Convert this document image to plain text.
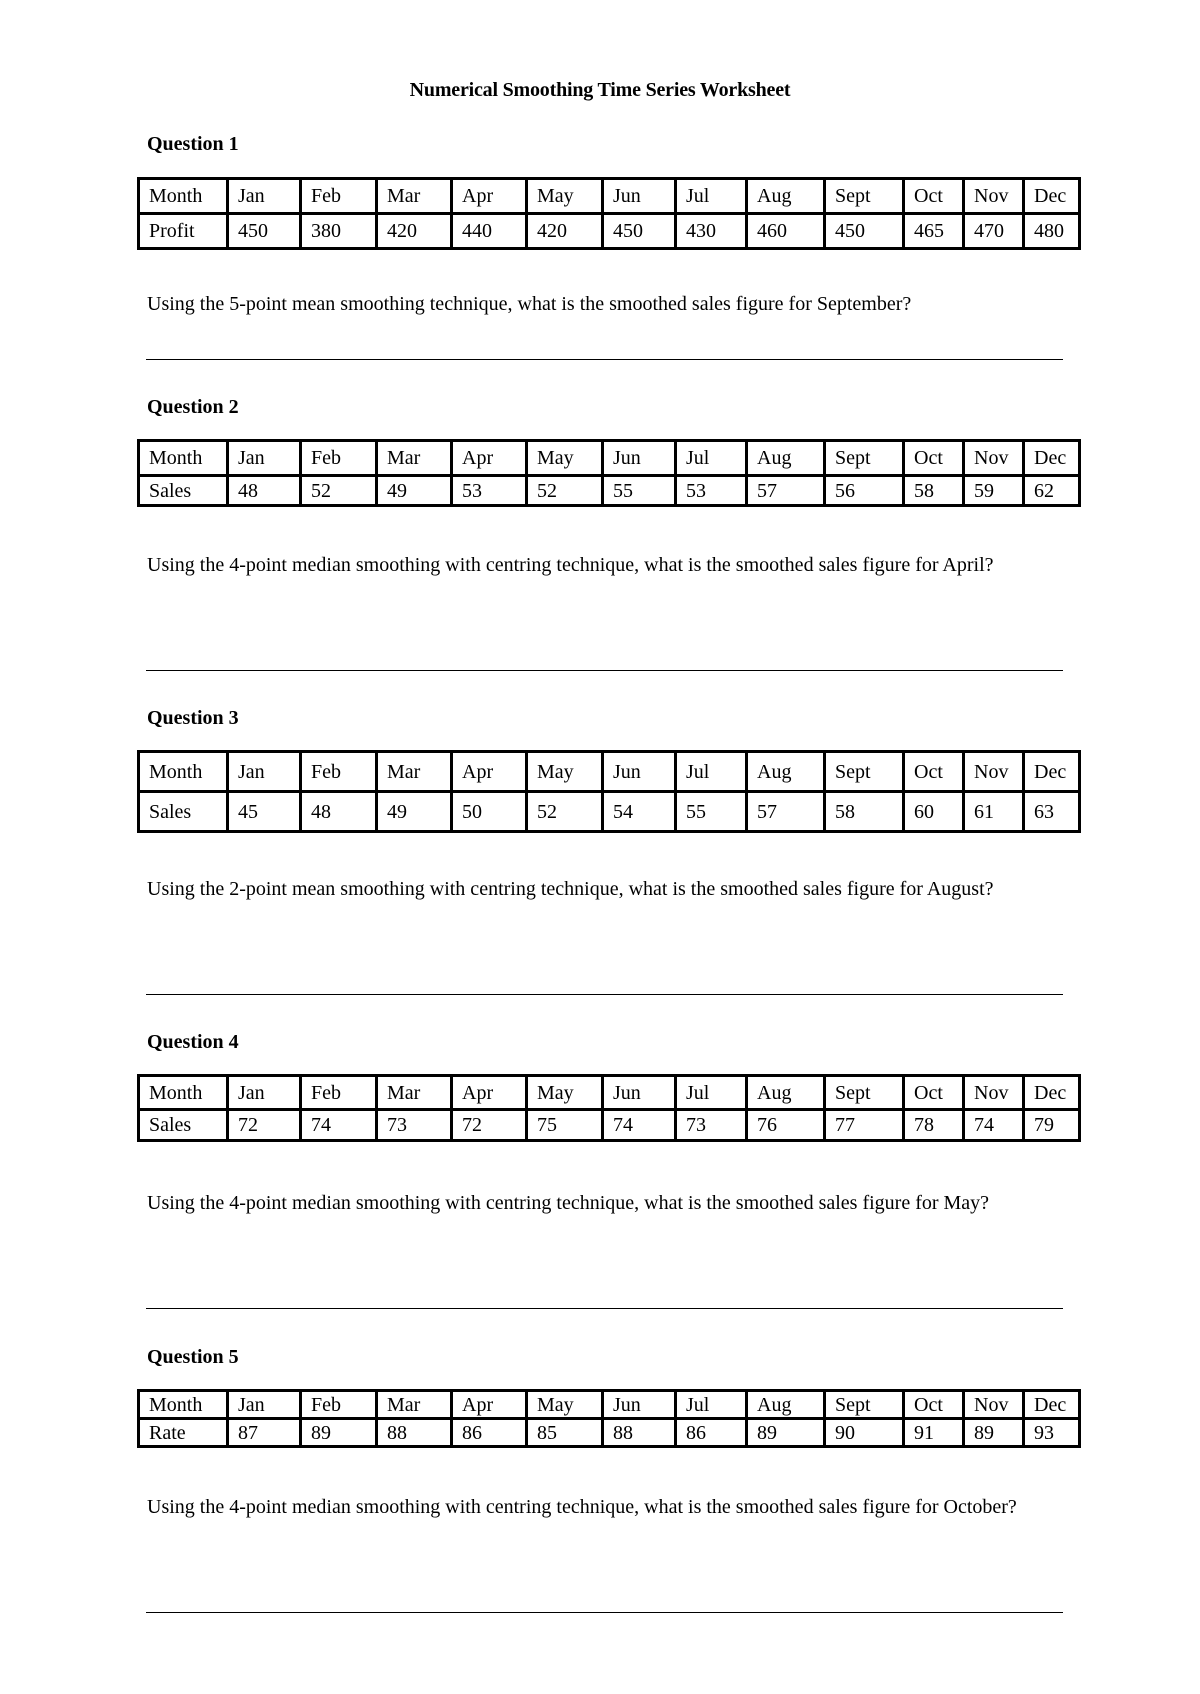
Numerical Smoothing Time Series Worksheet
Question 1
Month	Jan	Feb	Mar	Apr	May	Jun	Jul	Aug	Sept	Oct	Nov	Dec
Profit	450	380	420	440	420	450	430	460	450	465	470	480
Using the 5-point mean smoothing technique, what is the smoothed sales figure for September?
Question 2
Month	Jan	Feb	Mar	Apr	May	Jun	Jul	Aug	Sept	Oct	Nov	Dec
Sales	48	52	49	53	52	55	53	57	56	58	59	62
Using the 4-point median smoothing with centring technique, what is the smoothed sales figure for April?
Question 3
Month	Jan	Feb	Mar	Apr	May	Jun	Jul	Aug	Sept	Oct	Nov	Dec
Sales	45	48	49	50	52	54	55	57	58	60	61	63
Using the 2-point mean smoothing with centring technique, what is the smoothed sales figure for August?
Question 4
Month	Jan	Feb	Mar	Apr	May	Jun	Jul	Aug	Sept	Oct	Nov	Dec
Sales	72	74	73	72	75	74	73	76	77	78	74	79
Using the 4-point median smoothing with centring technique, what is the smoothed sales figure for May?
Question 5
Month	Jan	Feb	Mar	Apr	May	Jun	Jul	Aug	Sept	Oct	Nov	Dec
Rate	87	89	88	86	85	88	86	89	90	91	89	93
Using the 4-point median smoothing with centring technique, what is the smoothed sales figure for October?
